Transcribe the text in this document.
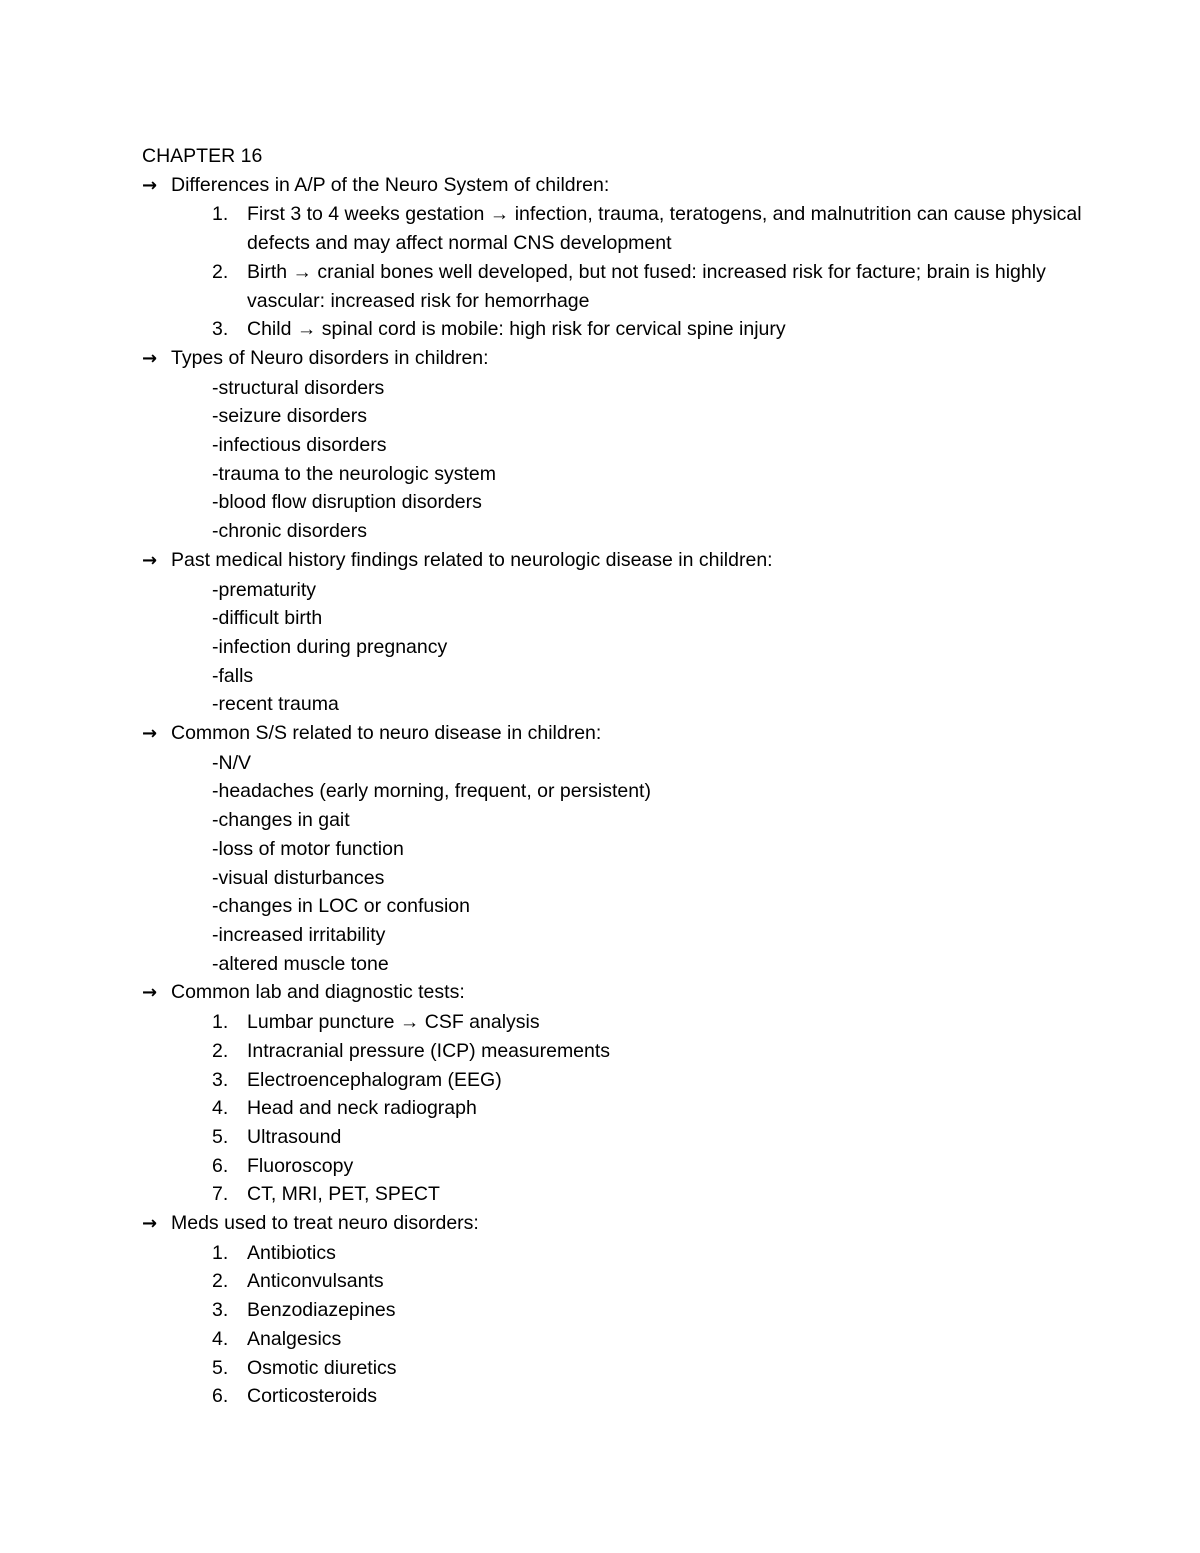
CHAPTER 16
→ Differences in A/P of the Neuro System of children:
1. First 3 to 4 weeks gestation → infection, trauma, teratogens, and malnutrition can cause physical defects and may affect normal CNS development
2. Birth → cranial bones well developed, but not fused: increased risk for facture; brain is highly vascular: increased risk for hemorrhage
3. Child → spinal cord is mobile: high risk for cervical spine injury
→ Types of Neuro disorders in children:
-structural disorders
-seizure disorders
-infectious disorders
-trauma to the neurologic system
-blood flow disruption disorders
-chronic disorders
→ Past medical history findings related to neurologic disease in children:
-prematurity
-difficult birth
-infection during pregnancy
-falls
-recent trauma
→ Common S/S related to neuro disease in children:
-N/V
-headaches (early morning, frequent, or persistent)
-changes in gait
-loss of motor function
-visual disturbances
-changes in LOC or confusion
-increased irritability
-altered muscle tone
→ Common lab and diagnostic tests:
1. Lumbar puncture → CSF analysis
2. Intracranial pressure (ICP) measurements
3. Electroencephalogram (EEG)
4. Head and neck radiograph
5. Ultrasound
6. Fluoroscopy
7. CT, MRI, PET, SPECT
→ Meds used to treat neuro disorders:
1. Antibiotics
2. Anticonvulsants
3. Benzodiazepines
4. Analgesics
5. Osmotic diuretics
6. Corticosteroids
